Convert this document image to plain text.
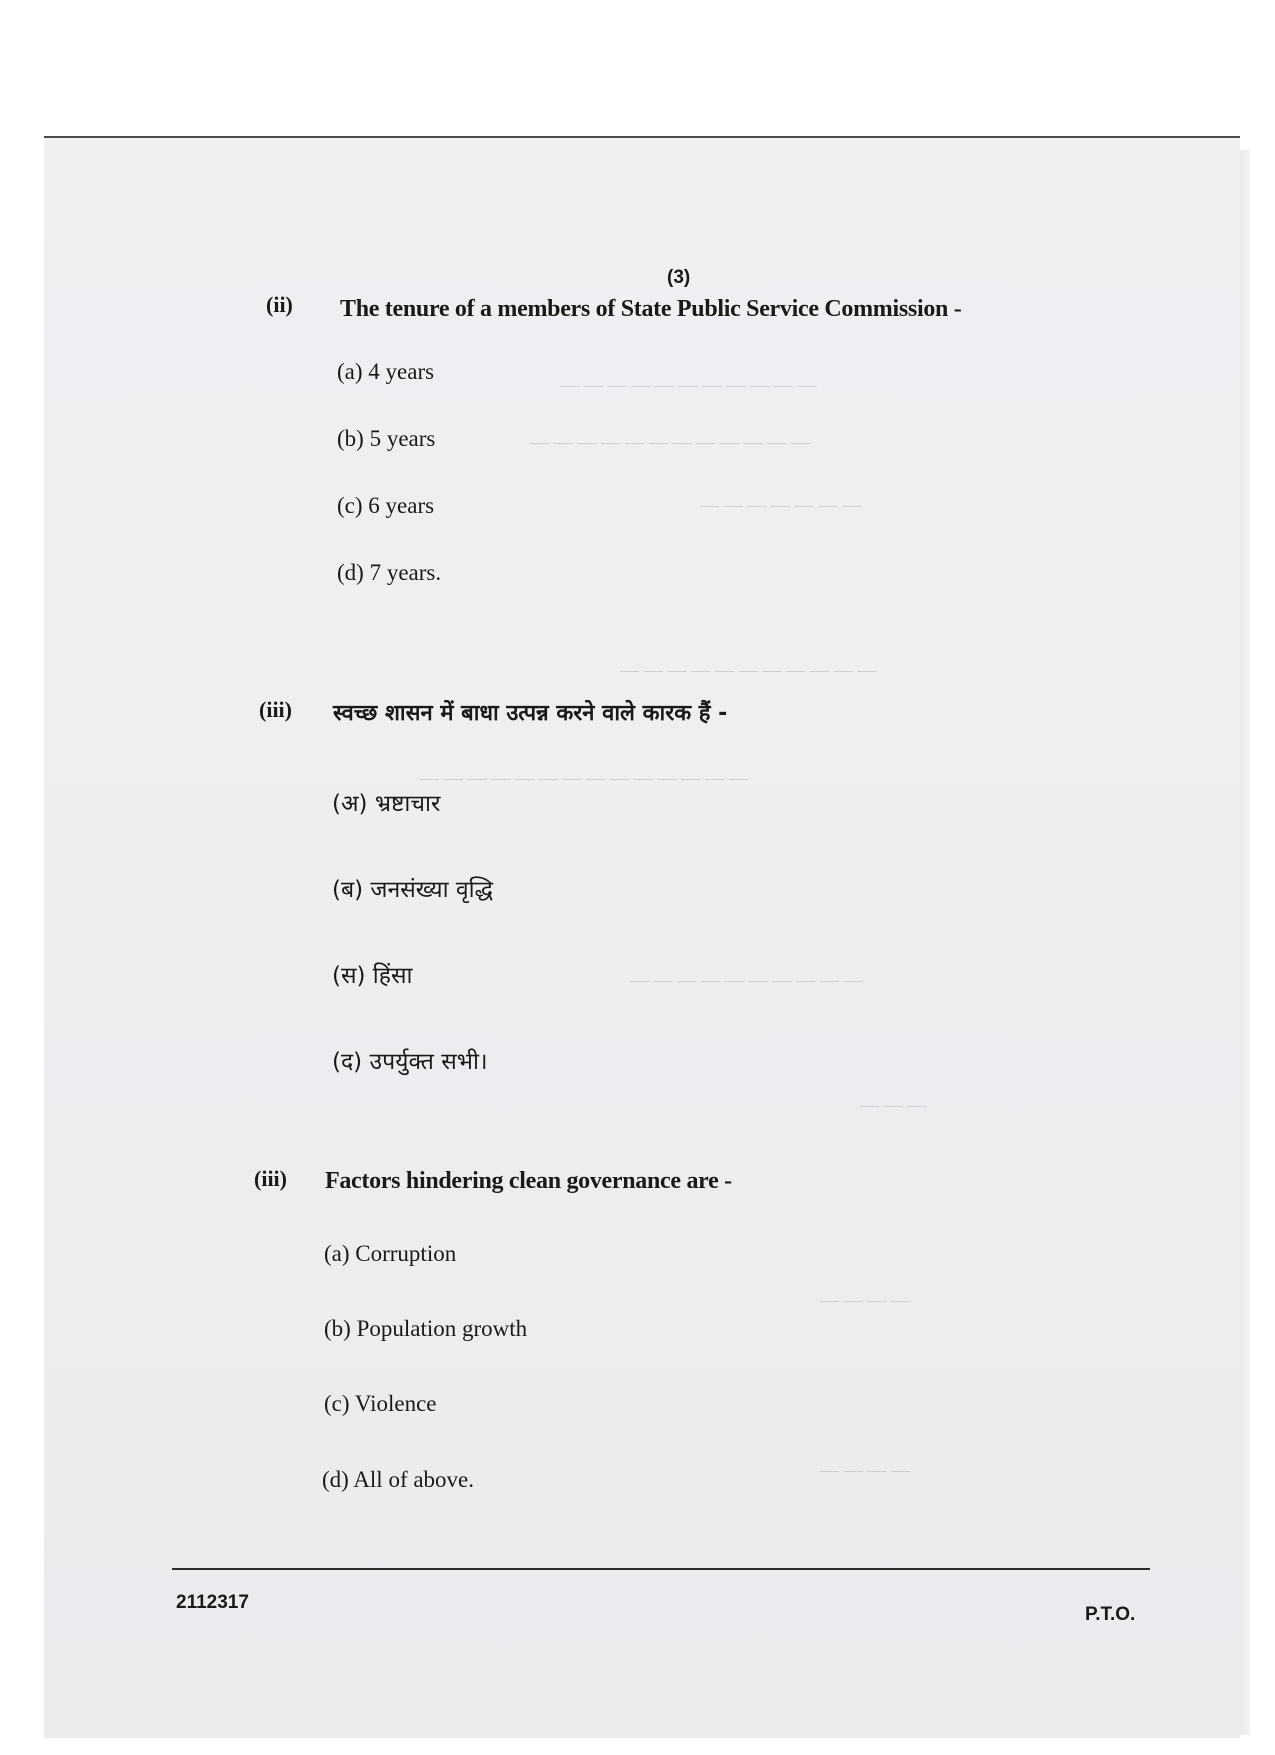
— — — — — — — — — — —
— — — — — — — — — — — —
— — — — — — —
— — — — — — — — — — —
— — — — — — — — — — — — — —
— — — — — — — — — —
— — —
— — — —
— — — —
(3)
(ii) The tenure of a members of State Public Service Commission -
(a) 4 years
(b) 5 years
(c) 6 years
(d) 7 years.
(iii) स्वच्छ शासन में बाधा उत्पन्न करने वाले कारक हैं -
(अ) भ्रष्टाचार
(ब) जनसंख्या वृद्धि
(स) हिंसा
(द) उपर्युक्त सभी।
(iii) Factors hindering clean governance are -
(a) Corruption
(b) Population growth
(c) Violence
(d) All of above.
2112317
P.T.O.
